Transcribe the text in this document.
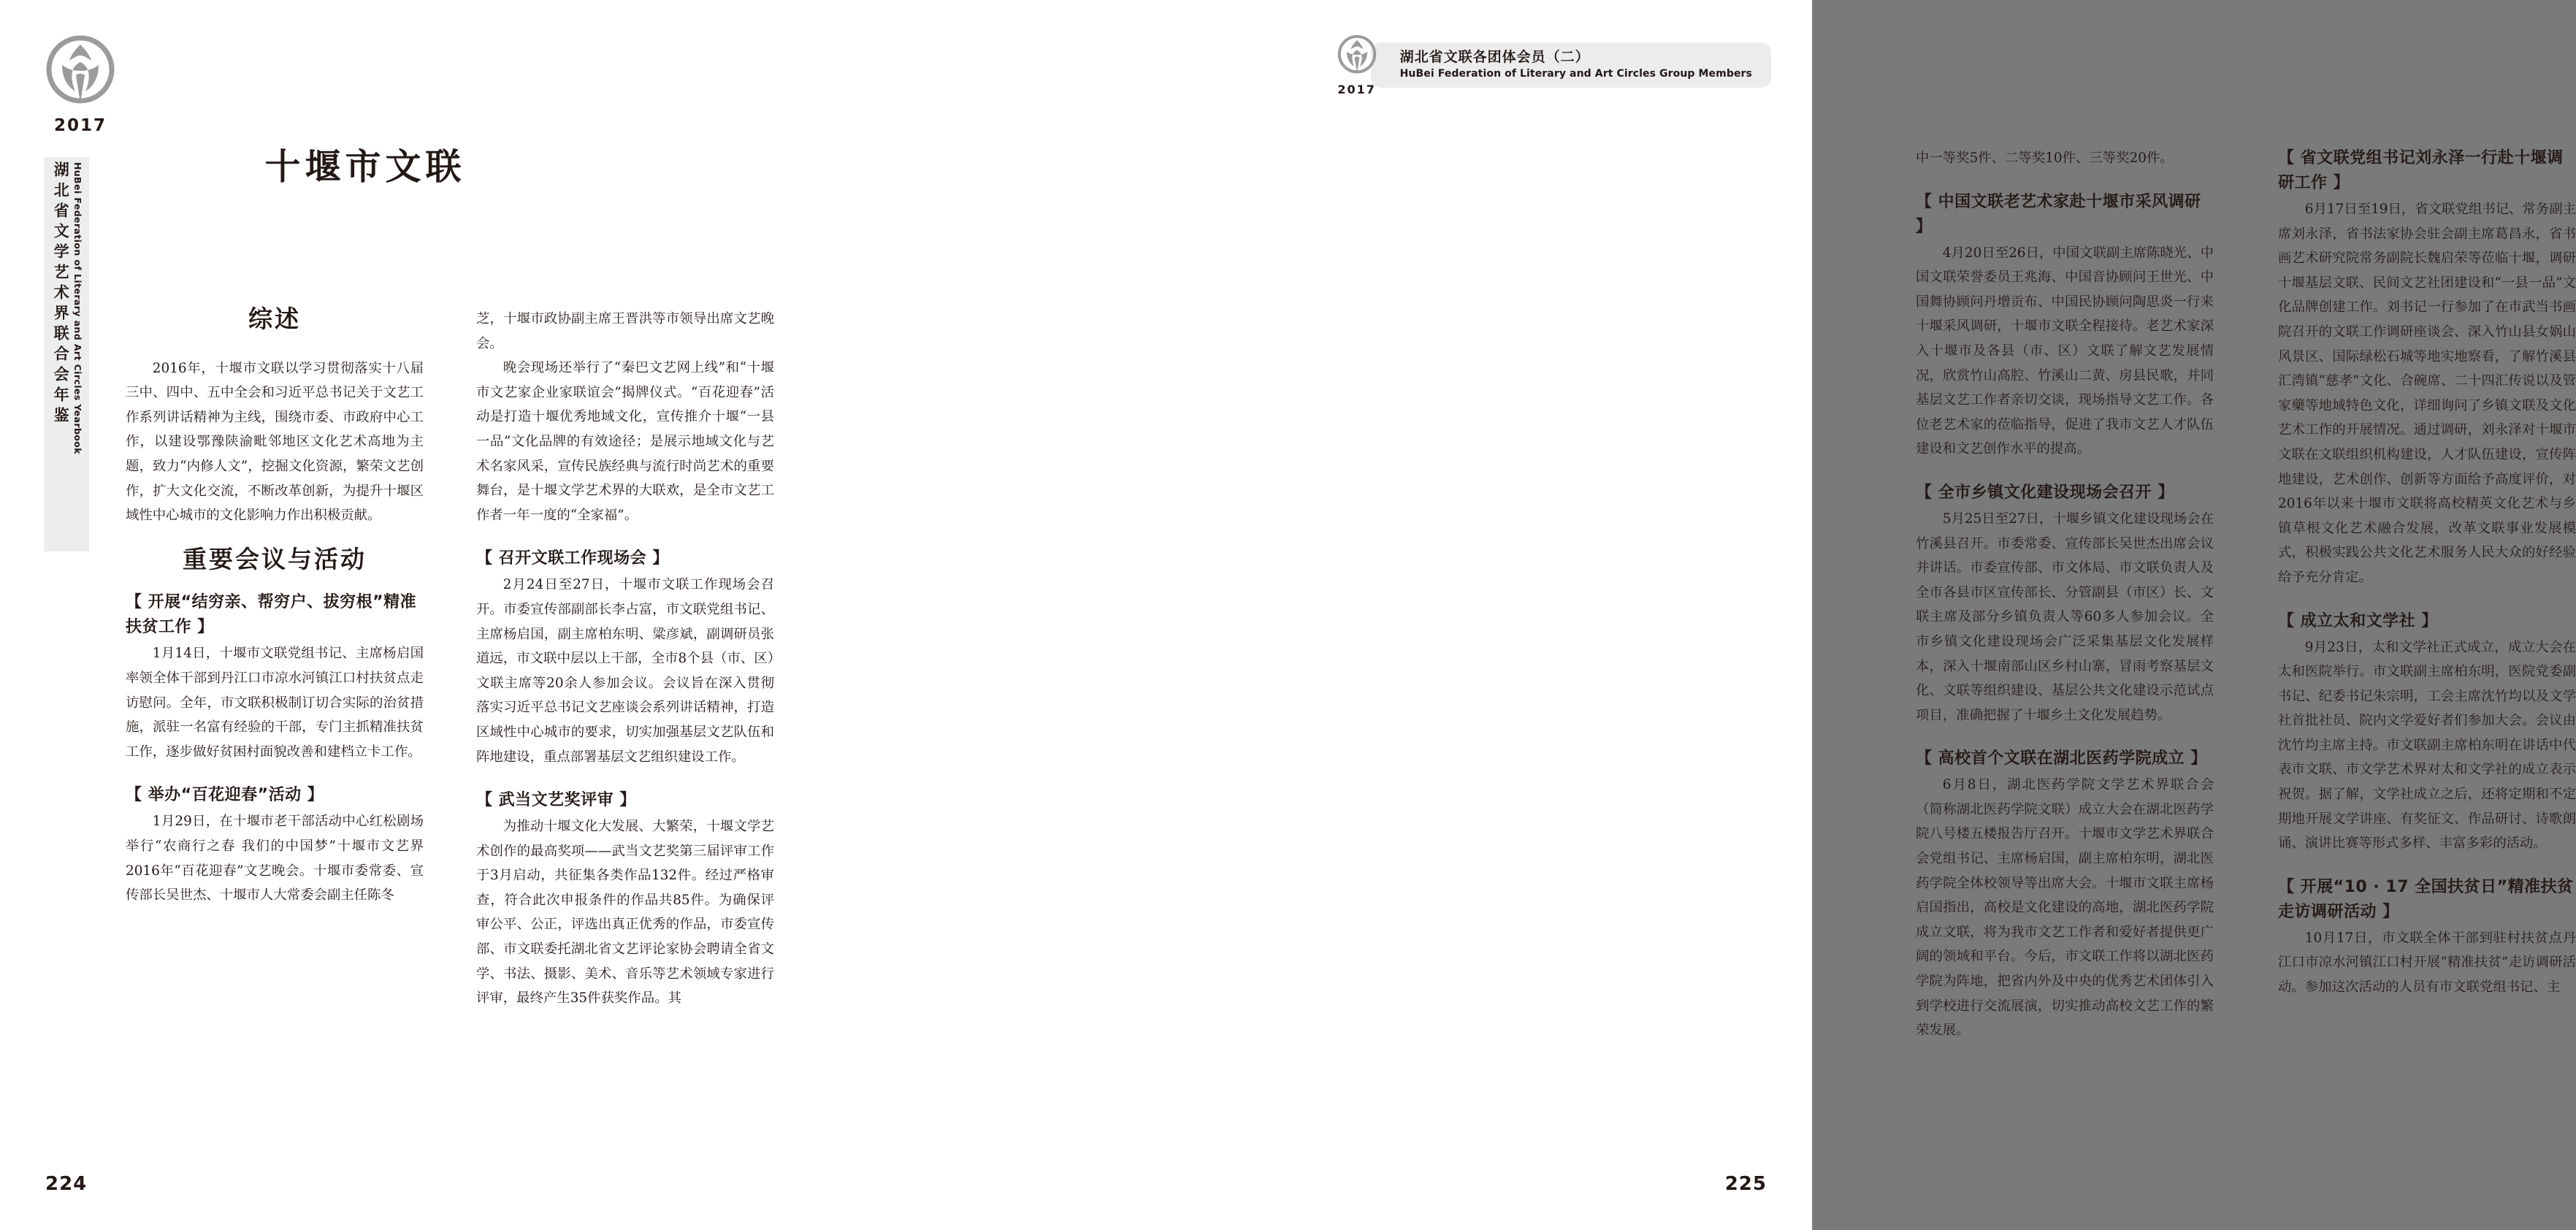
2017
湖北省文学艺术界联合会年鉴 HuBei Federation of Literary and Art Circles Yearbook	十堰市文联
综述

2016年，十堰市文联以学习贯彻落实十八届三中、四中、五中全会和习近平总书记关于文艺工作系列讲话精神为主线，围绕市委、市政府中心工作，以建设鄂豫陕渝毗邻地区文化艺术高地为主题，致力“内修人文”，挖掘文化资源，繁荣文艺创作，扩大文化交流，不断改革创新，为提升十堰区域性中心城市的文化影响力作出积极贡献。

重要会议与活动
【 开展“结穷亲、帮穷户、拔穷根”精准扶贫工作 】

1月14日，十堰市文联党组书记、主席杨启国率领全体干部到丹江口市凉水河镇江口村扶贫点走访慰问。全年，市文联积极制订切合实际的治贫措施，派驻一名富有经验的干部，专门主抓精准扶贫工作，逐步做好贫困村面貌改善和建档立卡工作。

【 举办“百花迎春”活动 】

1月29日，在十堰市老干部活动中心红松剧场举行“农商行之春 我们的中国梦”十堰市文艺界2016年“百花迎春”文艺晚会。十堰市委常委、宣传部长吴世杰、十堰市人大常委会副主任陈冬

芝，十堰市政协副主席王晋洪等市领导出席文艺晚会。

晚会现场还举行了“秦巴文艺网上线”和“十堰市文艺家企业家联谊会”揭牌仪式。“百花迎春”活动是打造十堰优秀地域文化，宣传推介十堰“一县一品”文化品牌的有效途径；是展示地域文化与艺术名家风采，宣传民族经典与流行时尚艺术的重要舞台，是十堰文学艺术界的大联欢，是全市文艺工作者一年一度的“全家福”。

【 召开文联工作现场会 】

2月24日至27日，十堰市文联工作现场会召开。市委宣传部副部长李占富，市文联党组书记、主席杨启国，副主席柏东明、粱彦斌，副调研员张道远，市文联中层以上干部，全市8个县（市、区）文联主席等20余人参加会议。会议旨在深入贯彻落实习近平总书记文艺座谈会系列讲话精神，打造区域性中心城市的要求，切实加强基层文艺队伍和阵地建设，重点部署基层文艺组织建设工作。

【 武当文艺奖评审 】

为推动十堰文化大发展、大繁荣，十堰文学艺术创作的最高奖项——武当文艺奖第三届评审工作于3月启动，共征集各类作品132件。经过严格审查，符合此次申报条件的作品共85件。为确保评审公平、公正，评选出真正优秀的作品，市委宣传部、市文联委托湖北省文艺评论家协会聘请全省文学、书法、摄影、美术、音乐等艺术领域专家进行评审，最终产生35件获奖作品。其

224
2017
湖北省文联各团体会员（二）
HuBei Federation of Literary and Art Circles Group Members

中一等奖5件、二等奖10件、三等奖20件。

【 中国文联老艺术家赴十堰市采风调研 】

4月20日至26日，中国文联副主席陈晓光、中国文联荣誉委员王兆海、中国音协顾问王世光、中国舞协顾问丹增贡布、中国民协顾问陶思炎一行来十堰采风调研，十堰市文联全程接待。老艺术家深入十堰市及各县（市、区）文联了解文艺发展情况，欣赏竹山高腔、竹溪山二黄、房县民歌，并同基层文艺工作者亲切交谈，现场指导文艺工作。各位老艺术家的莅临指导，促进了我市文艺人才队伍建设和文艺创作水平的提高。

【 全市乡镇文化建设现场会召开 】

5月25日至27日，十堰乡镇文化建设现场会在竹溪县召开。市委常委、宣传部长吴世杰出席会议并讲话。市委宣传部、市文体局、市文联负责人及全市各县市区宣传部长、分管副县（市区）长、文联主席及部分乡镇负责人等60多人参加会议。全市乡镇文化建设现场会广泛采集基层文化发展样本，深入十堰南部山区乡村山寨，冒雨考察基层文化、文联等组织建设、基层公共文化建设示范试点项目，准确把握了十堰乡土文化发展趋势。

【 高校首个文联在湖北医药学院成立 】

6月8日，湖北医药学院文学艺术界联合会（简称湖北医药学院文联）成立大会在湖北医药学院八号楼五楼报告厅召开。十堰市文学艺术界联合会党组书记、主席杨启国，副主席柏东明，湖北医药学院全体校领导等出席大会。十堰市文联主席杨启国指出，高校是文化建设的高地，湖北医药学院成立文联，将为我市文艺工作者和爱好者提供更广阔的领域和平台。今后，市文联工作将以湖北医药学院为阵地，把省内外及中央的优秀艺术团体引入到学校进行交流展演，切实推动高校文艺工作的繁荣发展。

【 省文联党组书记刘永泽一行赴十堰调研工作 】

6月17日至19日，省文联党组书记、常务副主席刘永泽，省书法家协会驻会副主席葛昌永，省书画艺术研究院常务副院长魏启荣等莅临十堰，调研十堰基层文联、民间文艺社团建设和“一县一品”文化品牌创建工作。刘书记一行参加了在市武当书画院召开的文联工作调研座谈会、深入竹山县女娲山风景区、国际绿松石城等地实地察看，了解竹溪县汇湾镇“慈孝”文化、合碗席、二十四汇传说以及管家藥等地域特色文化，详细询问了乡镇文联及文化艺术工作的开展情况。通过调研，刘永泽对十堰市文联在文联组织机构建设，人才队伍建设，宣传阵地建设，艺术创作、创新等方面给予高度评价，对2016年以来十堰市文联将高校精英文化艺术与乡镇草根文化艺术融合发展，改革文联事业发展模式，积极实践公共文化艺术服务人民大众的好经验给予充分肯定。

【 成立太和文学社 】

9月23日，太和文学社正式成立，成立大会在太和医院举行。市文联副主席柏东明，医院党委副书记、纪委书记朱宗明，工会主席沈竹均以及文学社首批社员、院内文学爱好者们参加大会。会议由沈竹均主席主持。市文联副主席柏东明在讲话中代表市文联、市文学艺术界对太和文学社的成立表示祝贺。据了解，文学社成立之后，还将定期和不定期地开展文学讲座、有奖征文、作品研讨、诗歌朗诵、演讲比赛等形式多样、丰富多彩的活动。

【 开展“10 · 17 全国扶贫日”精准扶贫走访调研活动 】

10月17日，市文联全体干部到驻村扶贫点丹江口市凉水河镇江口村开展“精准扶贫”走访调研活动。参加这次活动的人员有市文联党组书记、主

225
